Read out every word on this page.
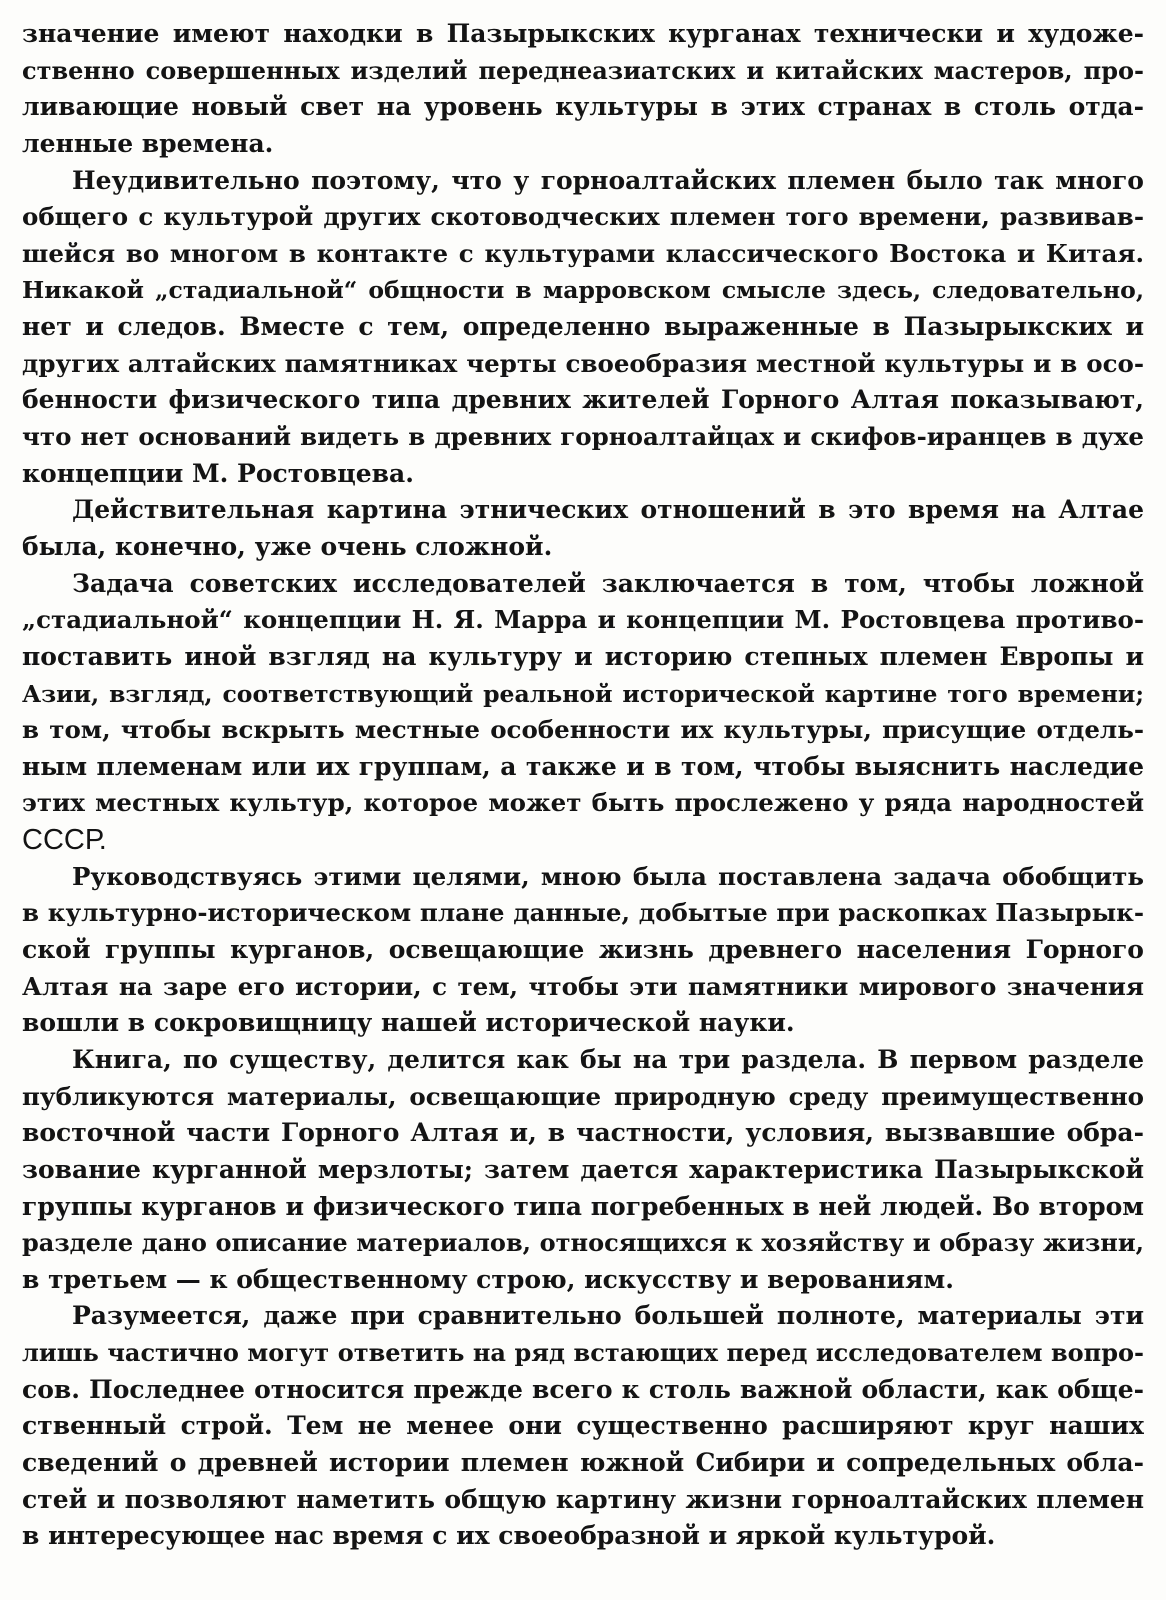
значение имеют находки в Пазырыкских курганах технически и художе-
ственно совершенных изделий переднеазиатских и китайских мастеров, про-
ливающие новый свет на уровень культуры в этих странах в столь отда-
ленные времена.
Неудивительно поэтому, что у горноалтайских племен было так много
общего с культурой других скотоводческих племен того времени, развивав-
шейся во многом в контакте с культурами классического Востока и Китая.
Никакой „стадиальной“ общности в марровском смысле здесь, следовательно,
нет и следов. Вместе с тем, определенно выраженные в Пазырыкских и
других алтайских памятниках черты своеобразия местной культуры и в осо-
бенности физического типа древних жителей Горного Алтая показывают,
что нет оснований видеть в древних горноалтайцах и скифов-иранцев в духе
концепции М. Ростовцева.
Действительная картина этнических отношений в это время на Алтае
была, конечно, уже очень сложной.
Задача советских исследователей заключается в том, чтобы ложной
„стадиальной“ концепции Н. Я. Марра и концепции М. Ростовцева противо-
поставить иной взгляд на культуру и историю степных племен Европы и
Азии, взгляд, соответствующий реальной исторической картине того времени;
в том, чтобы вскрыть местные особенности их культуры, присущие отдель-
ным племенам или их группам, а также и в том, чтобы выяснить наследие
этих местных культур, которое может быть прослежено у ряда народностей
СССР.
Руководствуясь этими целями, мною была поставлена задача обобщить
в культурно-историческом плане данные, добытые при раскопках Пазырык-
ской группы курганов, освещающие жизнь древнего населения Горного
Алтая на заре его истории, с тем, чтобы эти памятники мирового значения
вошли в сокровищницу нашей исторической науки.
Книга, по существу, делится как бы на три раздела. В первом разделе
публикуются материалы, освещающие природную среду преимущественно
восточной части Горного Алтая и, в частности, условия, вызвавшие обра-
зование курганной мерзлоты; затем дается характеристика Пазырыкской
группы курганов и физического типа погребенных в ней людей. Во втором
разделе дано описание материалов, относящихся к хозяйству и образу жизни,
в третьем — к общественному строю, искусству и верованиям.
Разумеется, даже при сравнительно большей полноте, материалы эти
лишь частично могут ответить на ряд встающих перед исследователем вопро-
сов. Последнее относится прежде всего к столь важной области, как обще-
ственный строй. Тем не менее они существенно расширяют круг наших
сведений о древней истории племен южной Сибири и сопредельных обла-
стей и позволяют наметить общую картину жизни горноалтайских племен
в интересующее нас время с их своеобразной и яркой культурой.
